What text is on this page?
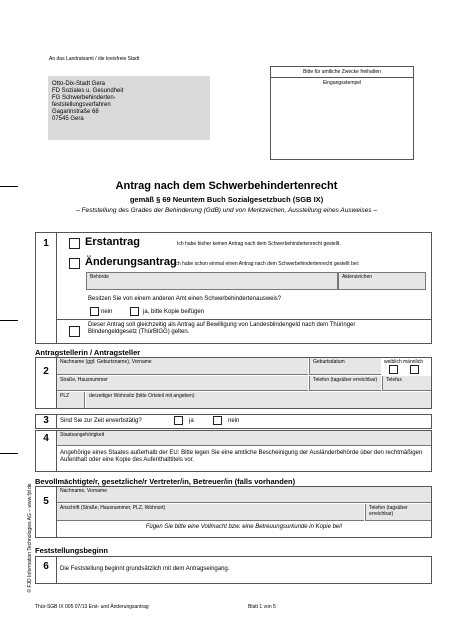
An das Landratsamt / die kreisfreie Stadt
Otto-Dix-Stadt Gera
FD Soziales u. Gesundheit
FG Schwerbehinderten-
feststellungsverfahren
Gagarinstraße 68
07545 Gera
Bitte für amtliche Zwecke freihalten
Eingangsstempel
Antrag nach dem Schwerbehindertenrecht
gemäß § 69 Neuntem Buch Sozialgesetzbuch (SGB IX)
– Feststellung des Grades der Behinderung (GdB) und von Merkzeichen, Ausstellung eines Ausweises –
1	Erstantrag	Ich habe bisher keinen Antrag nach dem Schwerbehindertenrecht gestellt.
Änderungsantrag
Ich habe schon einmal einen Antrag nach dem Schwerbehindertenrecht gestellt bei:
Behörde	Aktenzeichen
Besitzen Sie von einem anderen Amt einen Schwerbehindertenausweis?
nein	ja, bitte Kopie beifügen
Dieser Antrag soll gleichzeitig als Antrag auf Bewilligung von Landesblindengeld nach dem Thüringer Blindengeldgesetz (ThürBlGG) gelten.
Antragstellerin / Antragsteller
2
Nachname (ggf. Geburtsname), Vorname	Geburtsdatum	weiblich männlich
Straße, Hausnummer	Telefon (tagsüber erreichbar)	Telefax
PLZ	derzeitiger Wohnsitz (bitte Ortsteil mit angeben)
3	Sind Sie zur Zeit erwerbstätig?	ja	nein
4	Staatsangehörigkeit
Angehörige eines Staates außerhalb der EU: Bitte legen Sie eine amtliche Bescheinigung der Ausländerbehörde über den rechtmäßigen Aufenthalt oder eine Kopie des Aufenthalttitels vor.
Bevollmächtigte/r, gesetzliche/r Vertreter/in, Betreuer/in (falls vorhanden)
5
Nachname, Vorname
Anschrift (Straße, Hausnummer, PLZ, Wohnort)	Telefon (tagsüber erreichbar)
Fügen Sie bitte eine Vollmacht bzw. eine Betreuungsurkunde in Kopie bei!
Feststellungsbeginn
6	Die Feststellung beginnt grundsätzlich mit dem Antragseingang.
Thür-SGB IX 005 07/13 Erst- und Änderungsantrag	Blatt 1 von 5
© FJD Information Technologies AG – www.fjd.de
